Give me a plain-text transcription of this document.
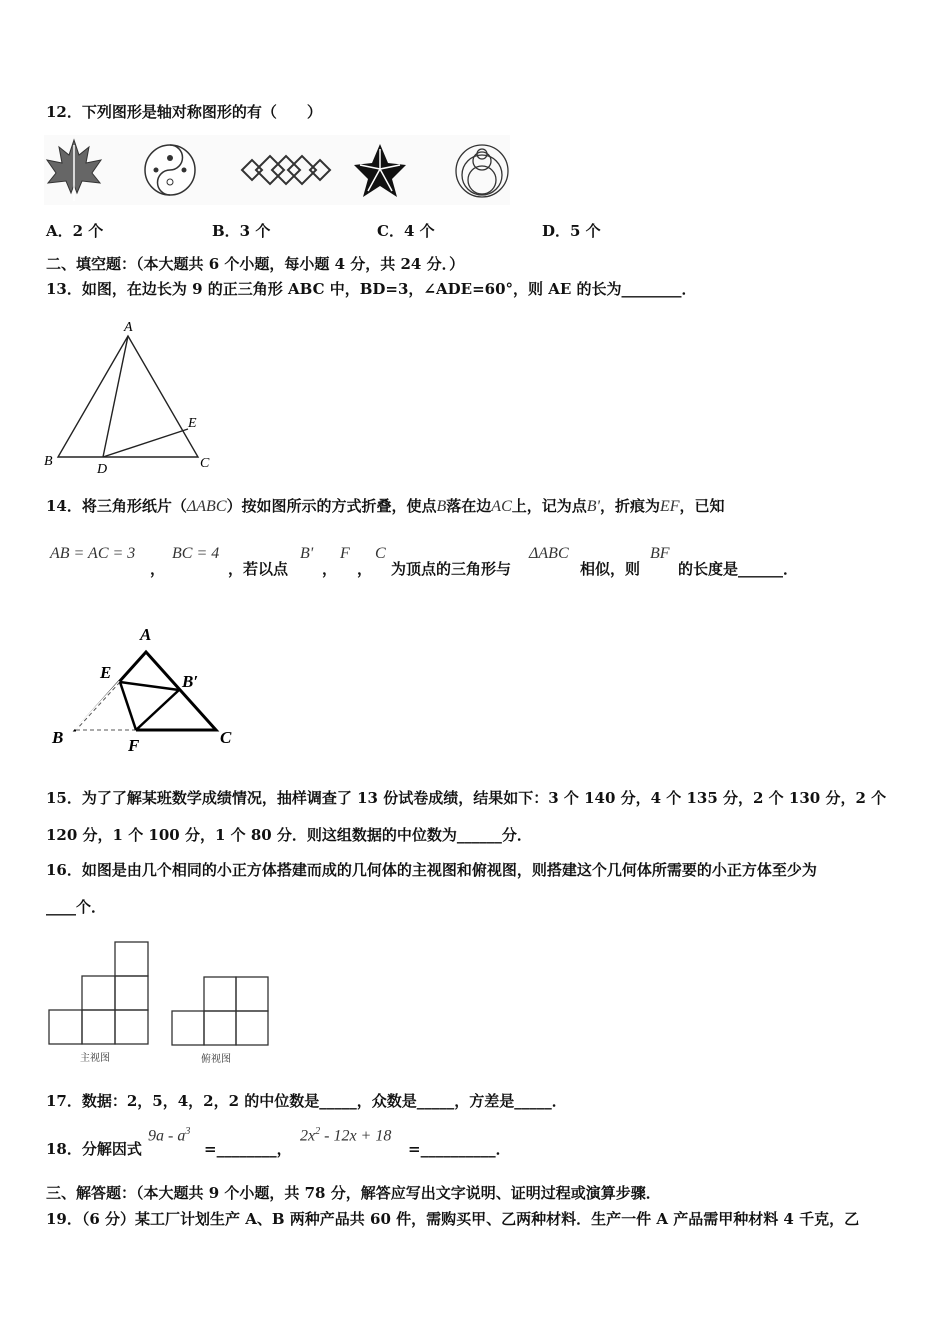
12．下列图形是轴对称图形的有（　　）
A．2 个	B．3 个	C．4 个	D．5 个
二、填空题：（本大题共 6 个小题，每小题 4 分，共 24 分．）
13．如图，在边长为 9 的正三角形 ABC 中，BD=3，∠ADE=60°，则 AE 的长为________．
A
B	C
D
E
14．将三角形纸片（ΔABC）按如图所示的方式折叠，使点B落在边AC上，记为点B'，折痕为EF，已知
AB = AC = 3
，
BC = 4
，若以点
B'
，
F
，
C
为顶点的三角形与
ΔABC
相似，则
BF
的长度是______．
A
E	B′
B	F	C
15．为了了解某班数学成绩情况，抽样调查了 13 份试卷成绩，结果如下：3 个 140 分，4 个 135 分，2 个 130 分，2 个
120 分，1 个 100 分，1 个 80 分．则这组数据的中位数为______分．
16．如图是由几个相同的小正方体搭建而成的几何体的主视图和俯视图，则搭建这个几何体所需要的小正方体至少为
____个．
主视图	俯视图
17．数据：2，5，4，2，2 的中位数是_____，众数是_____，方差是_____．
18．分解因式
$9a - a^3$
=________，
$2x^2 - 12x + 18$
=__________．
三、解答题：（本大题共 9 个小题，共 78 分，解答应写出文字说明、证明过程或演算步骤．
19．（6 分）某工厂计划生产 A、B 两种产品共 60 件，需购买甲、乙两种材料．生产一件 A 产品需甲种材料 4 千克，乙
